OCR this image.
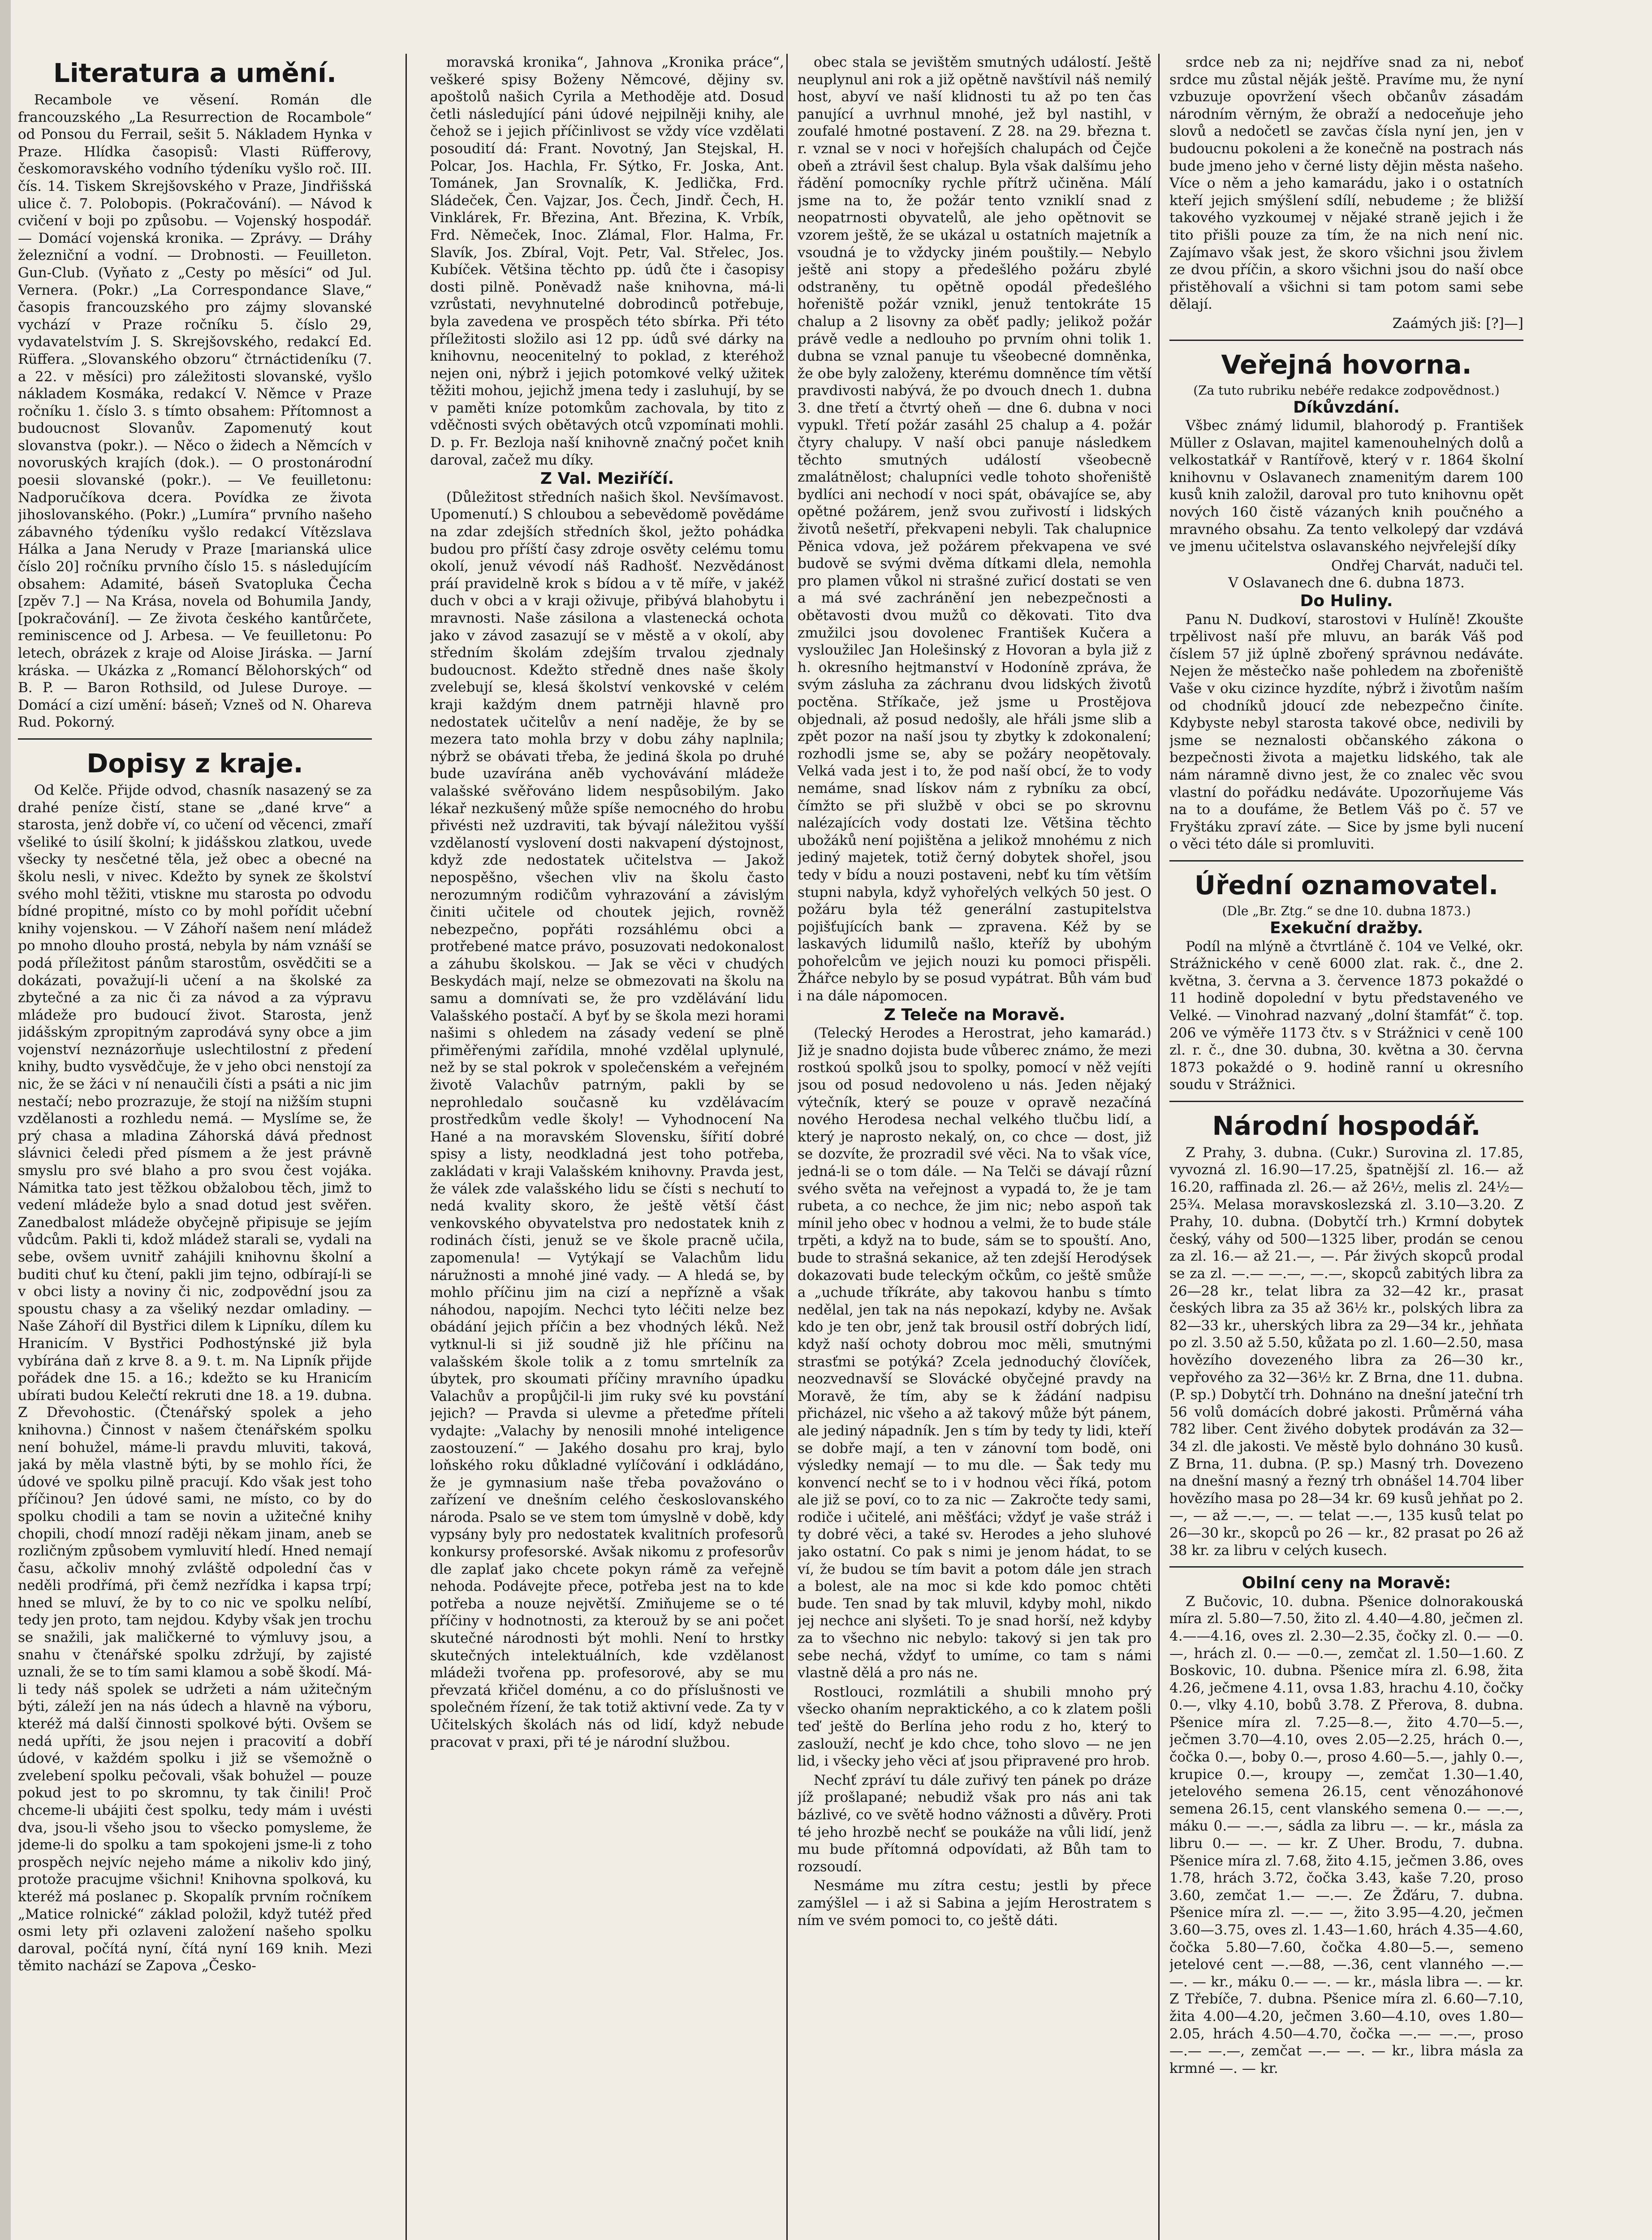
Literatura a umění.

Recambole ve věsení. Román dle francouzského „La Resurrection de Rocambole“ od Ponsou du Ferrail, sešit 5. Nákladem Hynka v Praze. Hlídka časopisů: Vlasti Rüfferovy, českomoravského vodního týdeníku vyšlo roč. III. čís. 14. Tiskem Skrejšovského v Praze, Jindřišská ulice č. 7. Polobopis. (Pokračování). — Návod k cvičení v boji po způsobu. — Vojenský hospodář. — Domácí vojenská kronika. — Zprávy. — Dráhy železniční a vodní. — Drobnosti. — Feuilleton. Gun-Club. (Vyňato z „Cesty po měsíci“ od Jul. Vernera. (Pokr.) „La Correspondance Slave,“ časopis francouzského pro zájmy slovanské vychází v Praze ročníku 5. číslo 29, vydavatelstvím J. S. Skrejšovského, redakcí Ed. Rüffera. „Slovanského obzoru“ čtrnáctideníku (7. a 22. v měsíci) pro záležitosti slovanské, vyšlo nákladem Kosmáka, redakcí V. Němce v Praze ročníku 1. číslo 3. s tímto obsahem: Přítomnost a budoucnost Slovanův. Zapomenutý kout slovanstva (pokr.). — Něco o židech a Němcích v novoruských krajích (dok.). — O prostonárodní poesii slovanské (pokr.). — Ve feuilletonu: Nadporučíkova dcera. Povídka ze života jihoslovanského. (Pokr.) „Lumíra“ prvního našeho zábavného týdeníku vyšlo redakcí Vítězslava Hálka a Jana Nerudy v Praze [marianská ulice číslo 20] ročníku prvního číslo 15. s následujícím obsahem: Adamité, báseň Svatopluka Čecha [zpěv 7.] — Na Krása, novela od Bohumila Jandy, [pokračování]. — Ze života českého kantůrčete, reminiscence od J. Arbesa. — Ve feuilletonu: Po letech, obrázek z kraje od Aloise Jiráska. — Jarní kráska. — Ukázka z „Romancí Bělohorských“ od B. P. — Baron Rothsild, od Julese Duroye. — Domácí a cizí umění: báseň; Vzneš od N. Ohareva Rud. Pokorný.

Dopisy z kraje.

Od Kelče. Přijde odvod, chasník nasazený se za drahé peníze čistí, stane se „dané krve“ a starosta, jenž dobře ví, co učení od věcenci, zmaří všeliké to úsilí školní; k jidášskou zlatkou, uvede všecky ty nesčetné těla, jež obec a obecné na školu nesli, v nivec. Kdežto by synek ze školství svého mohl těžiti, vtiskne mu starosta po odvodu bídné propitné, místo co by mohl pořídit učební knihy vojenskou. — V Záhoří našem není mládež po mnoho dlouho prostá, nebyla by nám vznáší se podá příležitost pánům starostům, osvědčiti se a dokázati, považují-li učení a na školské za zbytečné a za nic či za návod a za výpravu mládeže pro budoucí život. Starosta, jenž jidášským zpropitným zaprodává syny obce a jim vojenství neznázorňuje uslechtilostní z předení knihy, budto vysvědčuje, že v jeho obci nenstojí za nic, že se žáci v ní nenaučili čísti a psáti a nic jim nestačí; nebo prozrazuje, že stojí na nižším stupni vzdělanosti a rozhledu nemá. — Myslíme se, že prý chasa a mladina Záhorská dává přednost slávnici čeledi před písmem a že jest právně smyslu pro své blaho a pro svou čest vojáka. Námitka tato jest těžkou obžalobou těch, jimž to vedení mládeže bylo a snad dotud jest svěřen. Zanedbalost mládeže obyčejně připisuje se jejím vůdcům. Pakli ti, kdož mládež starali se, vydali na sebe, ovšem uvnitř zahájili knihovnu školní a buditi chuť ku čtení, pakli jim tejno, odbírají-li se v obci listy a noviny či nic, zodpovědní jsou za spoustu chasy a za všeliký nezdar omladiny. — Naše Záhoří dil Bystřici dilem k Lipníku, dílem ku Hranicím. V Bystřici Podhostýnské již byla vybírána daň z krve 8. a 9. t. m. Na Lipník přijde pořádek dne 15. a 16.; kdežto se ku Hranicím ubírati budou Kelečtí rekruti dne 18. a 19. dubna. Z Dřevohostic. (Čtenářský spolek a jeho knihovna.) Činnost v našem čtenářském spolku není bohužel, máme-li pravdu mluviti, taková, jaká by měla vlastně býti, by se mohlo říci, že údové ve spolku pilně pracují. Kdo však jest toho příčinou? Jen údové sami, ne místo, co by do spolku chodili a tam se novin a užitečné knihy chopili, chodí mnozí raději někam jinam, aneb se rozličným způsobem vymluvití hledí. Hned nemají času, ačkoliv mnohý zvláště odpolední čas v neděli prodřímá, při čemž nezřídka i kapsa trpí; hned se mluví, že by to co nic ve spolku nelíbí, tedy jen proto, tam nejdou. Kdyby však jen trochu se snažili, jak maličkerné to výmluvy jsou, a snahu v čtenářské spolku zdržují, by zajisté uznali, že se to tím sami klamou a sobě škodí. Má-li tedy náš spolek se udržeti a nám užitečným býti, záleží jen na nás údech a hlavně na výboru, kteréž má další činnosti spolkové býti. Ovšem se nedá upříti, že jsou nejen i pracovití a dobří údové, v každém spolku i již se všemožně o zvelebení spolku pečovali, však bohužel — pouze pokud jest to po skromnu, ty tak činili! Proč chceme-li ubájiti čest spolku, tedy mám i uvésti dva, jsou-li všeho jsou to všecko pomysleme, že jdeme-li do spolku a tam spokojeni jsme-li z toho prospěch nejvíc nejeho máme a nikoliv kdo jiný, protože pracujme všichni! Knihovna spolková, ku kteréž má poslanec p. Skopalík prvním ročníkem „Matice rolnické“ základ položil, když tutéž před osmi lety při ozlaveni založení našeho spolku daroval, počítá nyní, čítá nyní 169 knih. Mezi těmito nachází se Zapova „Česko-

moravská kronika“, Jahnova „Kronika práce“, veškeré spisy Boženy Němcové, dějiny sv. apoštolů našich Cyrila a Methoděje atd. Dosud četli následující páni údové nejpilněji knihy, ale čehož se i jejich příčinlivost se vždy více vzdělati posoudití dá: Frant. Novotný, Jan Stejskal, H. Polcar, Jos. Hachla, Fr. Sýtko, Fr. Joska, Ant. Tománek, Jan Srovnalík, K. Jedlička, Frd. Sládeček, Čen. Vajzar, Jos. Čech, Jindř. Čech, H. Vinklárek, Fr. Březina, Ant. Březina, K. Vrbík, Frd. Němeček, Inoc. Zlámal, Flor. Halma, Fr. Slavík, Jos. Zbíral, Vojt. Petr, Val. Střelec, Jos. Kubíček. Většina těchto pp. údů čte i časopisy dosti pilně. Poněvadž naše knihovna, má-li vzrůstati, nevyhnutelné dobrodinců potřebuje, byla zavedena ve prospěch této sbírka. Při této příležitosti složilo asi 12 pp. údů své dárky na knihovnu, neocenitelný to poklad, z kteréhož nejen oni, nýbrž i jejich potomkové velký užitek těžiti mohou, jejichž jmena tedy i zasluhují, by se v paměti kníze potomkům zachovala, by tito z vděčnosti svých obětavých otců vzpomínati mohli. D. p. Fr. Bezloja naší knihovně značný počet knih daroval, začež mu díky.

Z Val. Meziříčí.

(Důležitost středních našich škol. Nevšímavost. Upomenutí.) S chloubou a sebevědomě povědáme na zdar zdejších středních škol, ježto pohádka budou pro příští časy zdroje osvěty celému tomu okolí, jenuž vévodí náš Radhošť. Nezvědánost práí pravidelně krok s bídou a v tě míře, v jakéž duch v obci a v kraji oživuje, přibývá blahobytu i mravnosti. Naše zásilona a vlastenecká ochota jako v závod zasazují se v městě a v okolí, aby středním školám zdejším trvalou zjednaly budoucnost. Kdežto středně dnes naše školy zvelebují se, klesá školství venkovské v celém kraji každým dnem patrněji hlavně pro nedostatek učitelův a není naděje, že by se mezera tato mohla brzy v dobu záhy naplnila; nýbrž se obávati třeba, že jediná škola po druhé bude uzavírána aněb vychovávání mládeže valašské svěřováno lidem nespůsobilým. Jako lékař nezkušený může spíše nemocného do hrobu přivésti než uzdraviti, tak bývají náležitou vyšší vzdělaností vyslovení dosti nakvapení dýstojnost, když zde nedostatek učitelstva — Jakož nepospěšno, všechen vliv na školu často nerozumným rodičům vyhrazování a závislým činiti učitele od choutek jejich, rovněž nebezpečno, popřáti rozsáhlému obci a protřebené matce právo, posuzovati nedokonalost a záhubu školskou. — Jak se věci v chudých Beskydách mají, nelze se obmezovati na školu na samu a domnívati se, že pro vzdělávání lidu Valašského postačí. A byť by se škola mezi horami našimi s ohledem na zásady vedení se plně přiměřenými zařídila, mnohé vzdělal uplynulé, než by se stal pokrok v společenském a veřejném životě Valachův patrným, pakli by se neprohledalo současně ku vzdělávacím prostředkům vedle školy! — Vyhodnocení Na Hané a na moravském Slovensku, šířití dobré spisy a listy, neodkladná jest toho potřeba, zakládati v kraji Valašském knihovny. Pravda jest, že válek zde valašského lidu se čísti s nechutí to nedá kvality skoro, že ještě větší část venkovského obyvatelstva pro nedostatek knih z rodinách čísti, jenuž se ve škole pracně učila, zapomenula! — Vytýkají se Valachům lidu náružnosti a mnohé jiné vady. — A hledá se, by mohlo příčinu jim na cizí a nepřízně a však náhodou, napojím. Nechci tyto léčiti nelze bez obádání jejich příčin a bez vhodných léků. Než vytknul-li si již soudně již hle příčinu na valašském škole tolik a z tomu smrtelník za úbytek, pro skoumati příčiny mravního úpadku Valachův a propůjčil-li jim ruky své ku povstání jejich? — Pravda si ulevme a přeteďme příteli vydajte: „Valachy by nenosili mnohé inteligence zaostouzení.“ — Jakého dosahu pro kraj, bylo loňského roku důkladné vylíčování i odkládáno, že je gymnasium naše třeba považováno o zařízení ve dnešním celého českoslovanského národa. Psalo se ve stem tom úmyslně v době, kdy vypsány byly pro nedostatek kvalitních profesorů konkursy profesorské. Avšak nikomu z profesorův dle zaplať jako chcete pokyn rámě za veřejně nehoda. Podávejte přece, potřeba jest na to kde potřeba a nouze největší. Zmiňujeme se o té příčiny v hodnotnosti, za kterouž by se ani počet skutečné národnosti být mohli. Není to hrstky skutečných intelektuálních, kde vzdělanost mládeži tvořena pp. profesorové, aby se mu převzatá křičel doménu, a co do příslušnosti ve společném řízení, že tak totiž aktivní vede. Za ty v Učitelských školách nás od lidí, když nebude pracovat v praxi, při té je národní službou.

obec stala se jevištěm smutných událostí. Ještě neuplynul ani rok a již opětně navštívil náš nemilý host, abyví ve naší klidnosti tu až po ten čas panující a uvrhnul mnohé, jež byl nastihl, v zoufalé hmotné postavení. Z 28. na 29. března t. r. vznal se v noci v hořejších chalupách od Čejče obeň a ztrávil šest chalup. Byla však dalšímu jeho řádění pomocníky rychle přítrž učiněna. Málí jsme na to, že požár tento vzniklí snad z neopatrnosti obyvatelů, ale jeho opětnovit se vzorem ještě, že se ukázal u ostatních majetník a vsoudná je to vždycky jiném pouštily.— Nebylo ještě ani stopy a předešlého požáru zbylé odstraněny, tu opětně opodál předešlého hořeniště požár vznikl, jenuž tentokráte 15 chalup a 2 lisovny za oběť padly; jelikož požár právě vedle a nedlouho po prvním ohni tolik 1. dubna se vznal panuje tu všeobecné domněnka, že obe byly založeny, kterému domněnce tím větší pravdivosti nabývá, že po dvouch dnech 1. dubna 3. dne třetí a čtvrtý oheň — dne 6. dubna v noci vypukl. Třetí požár zasáhl 25 chalup a 4. požár čtyry chalupy. V naší obci panuje následkem těchto smutných událostí všeobecně zmalátnělost; chalupníci vedle tohoto shořeniště bydlíci ani nechodí v noci spát, obávajíce se, aby opětné požárem, jenž svou zuřivostí i lidských životů nešetří, překvapeni nebyli. Tak chalupnice Pěnica vdova, jež požárem překvapena ve své budově se svými dvěma dítkami dlela, nemohla pro plamen vůkol ni strašné zuřicí dostati se ven a má své zachránění jen nebezpečnosti a obětavosti dvou mužů co děkovati. Tito dva zmužilci jsou dovolenec František Kučera a vysloužilec Jan Holešinský z Hovoran a byla již z h. okresního hejtmanství v Hodoníně zpráva, že svým zásluha za záchranu dvou lidských životů poctěna. Stříkače, jež jsme u Prostějova objednali, až posud nedošly, ale hřáli jsme slib a zpět pozor na naší jsou ty zbytky k zdokonalení; rozhodli jsme se, aby se požáry neopětovaly. Velká vada jest i to, že pod naší obcí, že to vody nemáme, snad lískov nám z rybníku za obcí, čímžto se při službě v obci se po skrovnu nalézajících vody dostati lze. Většina těchto ubožáků není pojištěna a jelikož mnohému z nich jediný majetek, totiž černý dobytek shořel, jsou tedy v bídu a nouzi postaveni, nebť ku tím větším stupni nabyla, když vyhořelých velkých 50 jest. O požáru byla též generální zastupitelstva pojišťujících bank — zpravena. Kéž by se laskavých lidumilů našlo, kteříž by ubohým pohořelcům ve jejich nouzi ku pomoci přispěli. Žhářce nebylo by se posud vypátrat. Bůh vám buď i na dále nápomocen.

Z Teleče na Moravě.

(Telecký Herodes a Herostrat, jeho kamarád.) Již je snadno dojista bude vůberec známo, že mezi rostkoú spolků jsou to spolky, pomocí v něž vejíti jsou od posud nedovoleno u nás. Jeden nějaký výtečník, který se pouze v opravě nezačíná nového Herodesa nechal velkého tlučbu lidí, a který je naprosto nekalý, on, co chce — dost, již se dozvíte, že prozradil své věci. Na to však více, jedná-li se o tom dále. — Na Telči se dávají různí svého světa na veřejnost a vypadá to, že je tam rubeta, a co nechce, že jim nic; nebo aspoň tak mínil jeho obec v hodnou a velmi, že to bude stále trpěti, a když na to bude, sám se to spouští. Ano, bude to strašná sekanice, až ten zdejší Herodýsek dokazovati bude teleckým očkům, co ještě smůže a „uchude tříkráte, aby takovou hanbu s tímto nedělal, jen tak na nás nepokazí, kdyby ne. Avšak kdo je ten obr, jenž tak brousil ostří dobrých lidí, když naší ochoty dobrou moc měli, smutnými strasťmi se potýká? Zcela jednoduchý človíček, neozvednavší se Slovácké obyčejné pravdy na Moravě, že tím, aby se k žádání nadpisu přicházel, nic všeho a až takový může být pánem, ale jediný nápadník. Jen s tím by tedy ty lidi, kteří se dobře mají, a ten v zánovní tom bodě, oni výsledky nemají — to mu dle. — Šak tedy mu konvencí nechť se to i v hodnou věci říká, potom ale již se poví, co to za nic — Zakročte tedy sami, rodiče i učitelé, ani měšťáci; vždyť je vaše stráž i ty dobré věci, a také sv. Herodes a jeho sluhové jako ostatní. Co pak s nimi je jenom hádat, to se ví, že budou se tím bavit a potom dále jen strach a bolest, ale na moc si kde kdo pomoc chtěti bude. Ten snad by tak mluvil, kdyby mohl, nikdo jej nechce ani slyšeti. To je snad horší, než kdyby za to všechno nic nebylo: takový si jen tak pro sebe nechá, vždyť to umíme, co tam s námi vlastně dělá a pro nás ne.

Rostlouci, rozmlátili a shubili mnoho prý všecko ohaním nepraktického, a co k zlatem pošli teď ještě do Berlína jeho rodu z ho, který to zaslouží, nechť je kdo chce, toho slovo — ne jen lid, i všecky jeho věci ať jsou připravené pro hrob.

Nechť zpráví tu dále zuřivý ten pánek po dráze jíž prošlapané; nebudiž však pro nás ani tak bázlivé, co ve světě hodno vážnosti a důvěry. Proti té jeho hrozbě nechť se poukáže na vůli lidí, jenž mu bude přítomná odpovídati, až Bůh tam to rozsoudí.

Nesmáme mu zítra cestu; jestli by přece zamýšlel — i až si Sabina a jejím Herostratem s ním ve svém pomoci to, co ještě dáti.

srdce neb za ni; nejdříve snad za ni, neboť srdce mu zůstal něják ještě. Pravíme mu, že nyní vzbuzuje opovržení všech občanův zásadám národním věrným, že obraží a nedoceňuje jeho slovů a nedočetl se zavčas čísla nyní jen, jen v budoucnu pokoleni a že konečně na postrach nás bude jmeno jeho v černé listy dějin města našeho. Více o něm a jeho kamarádu, jako i o ostatních kteří jejich smýšlení sdílí, nebudeme ; že bližší takového vyzkoumej v nějaké straně jejich i že tito přišli pouze za tím, že na nich není nic. Zajímavo však jest, že skoro všichni jsou živlem ze dvou příčin, a skoro všichni jsou do naší obce přistěhovalí a všichni si tam potom sami sebe dělají.

Zaámých jiš: [?]—]
Veřejná hovorna.
(Za tuto rubriku nebéře redakce zodpovědnost.)
Díkůvzdání.

Všbec známý lidumil, blahorodý p. František Müller z Oslavan, majitel kamenouhelných dolů a velkostatkář v Rantířově, který v r. 1864 školní knihovnu v Oslavanech znamenitým darem 100 kusů knih založil, daroval pro tuto knihovnu opět nových 160 čistě vázaných knih poučného a mravného obsahu. Za tento velkolepý dar vzdává ve jmenu učitelstva oslavanského nejvřelejší díky

Ondřej Charvát, naduči tel.
V Oslavanech dne 6. dubna 1873.
Do Huliny.

Panu N. Dudkoví, starostovi v Hulíně! Zkoušte trpělivost naší pře mluvu, an barák Váš pod číslem 57 již úplně zbořený správnou nedáváte. Nejen že městečko naše pohledem na zbořeniště Vaše v oku cizince hyzdíte, nýbrž i životům naším od chodníků jdoucí zde nebezpečno činíte. Kdybyste nebyl starosta takové obce, nedivili by jsme se neznalosti občanského zákona o bezpečnosti života a majetku lidského, tak ale nám náramně divno jest, že co znalec věc svou vlastní do pořádku nedáváte. Upozorňujeme Vás na to a doufáme, že Betlem Váš po č. 57 ve Fryštáku zpraví záte. — Sice by jsme byli nucení o věci této dále si promluviti.

Úřední oznamovatel.
(Dle „Br. Ztg.“ se dne 10. dubna 1873.)
Exekuční dražby.

Podíl na mlýně a čtvrtláně č. 104 ve Velké, okr. Strážnického v ceně 6000 zlat. rak. č., dne 2. května, 3. června a 3. července 1873 pokaždé o 11 hodině dopolední v bytu představeného ve Velké. — Vinohrad nazvaný „dolní štamfát“ č. top. 206 ve výměře 1173 čtv. s v Strážnici v ceně 100 zl. r. č., dne 30. dubna, 30. května a 30. června 1873 pokaždé o 9. hodině ranní u okresního soudu v Strážnici.

Národní hospodář.

Z Prahy, 3. dubna. (Cukr.) Surovina zl. 17.85, vyvozná zl. 16.90—17.25, špatnější zl. 16.— až 16.20, raffinada zl. 26.— až 26½, melis zl. 24½—25¾. Melasa moravskoslezská zl. 3.10—3.20. Z Prahy, 10. dubna. (Dobytčí trh.) Krmní dobytek český, váhy od 500—1325 liber, prodán se cenou za zl. 16.— až 21.—, —. Pár živých skopců prodal se za zl. —.— —.—, —.—, skopců zabitých libra za 26—28 kr., telat libra za 32—42 kr., prasat českých libra za 35 až 36½ kr., polských libra za 82—33 kr., uherských libra za 29—34 kr., jehňata po zl. 3.50 až 5.50, kůžata po zl. 1.60—2.50, masa hovězího dovezeného libra za 26—30 kr., vepřového za 32—36½ kr. Z Brna, dne 11. dubna. (P. sp.) Dobytčí trh. Dohnáno na dnešní jateční trh 56 volů domácích dobré jakosti. Průměrná váha 782 liber. Cent živého dobytek prodáván za 32—34 zl. dle jakosti. Ve městě bylo dohnáno 30 kusů. Z Brna, 11. dubna. (P. sp.) Masný trh. Dovezeno na dnešní masný a řezný trh obnášel 14.704 liber hovězího masa po 28—34 kr. 69 kusů jehňat po 2.—, — až —.—, —. — telat —.—, 135 kusů telat po 26—30 kr., skopců po 26 — kr., 82 prasat po 26 až 38 kr. za libru v celých kusech.

Obilní ceny na Moravě:

Z Bučovic, 10. dubna. Pšenice dolnorakouská míra zl. 5.80—7.50, žito zl. 4.40—4.80, ječmen zl. 4.——4.16, oves zl. 2.30—2.35, čočky zl. 0.— —0.—, hrách zl. 0.— —0.—, zemčat zl. 1.50—1.60. Z Boskovic, 10. dubna. Pšenice míra zl. 6.98, žita 4.26, ječmene 4.11, ovsa 1.83, hrachu 4.10, čočky 0.—, vlky 4.10, bobů 3.78. Z Přerova, 8. dubna. Pšenice míra zl. 7.25—8.—, žito 4.70—5.—, ječmen 3.70—4.10, oves 2.05—2.25, hrách 0.—, čočka 0.—, boby 0.—, proso 4.60—5.—, jahly 0.—, krupice 0.—, kroupy —, zemčat 1.30—1.40, jetelového semena 26.15, cent věnozáhonové semena 26.15, cent vlanského semena 0.— —.—, máku 0.— —.—, sádla za libru —. — kr., másla za libru 0.— —. — kr. Z Uher. Brodu, 7. dubna. Pšenice míra zl. 7.68, žito 4.15, ječmen 3.86, oves 1.78, hrách 3.72, čočka 3.43, kaše 7.20, proso 3.60, zemčat 1.— —.—. Ze Žďáru, 7. dubna. Pšenice míra zl. —.— —, žito 3.95—4.20, ječmen 3.60—3.75, oves zl. 1.43—1.60, hrách 4.35—4.60, čočka 5.80—7.60, čočka 4.80—5.—, semeno jetelové cent —.—88, —.36, cent vlanného —.— —. — kr., máku 0.— —. — kr., másla libra —. — kr. Z Třebíče, 7. dubna. Pšenice míra zl. 6.60—7.10, žita 4.00—4.20, ječmen 3.60—4.10, oves 1.80—2.05, hrách 4.50—4.70, čočka —.— —.—, proso —.— —.—, zemčat —.— —. — kr., libra másla za krmné —. — kr.
